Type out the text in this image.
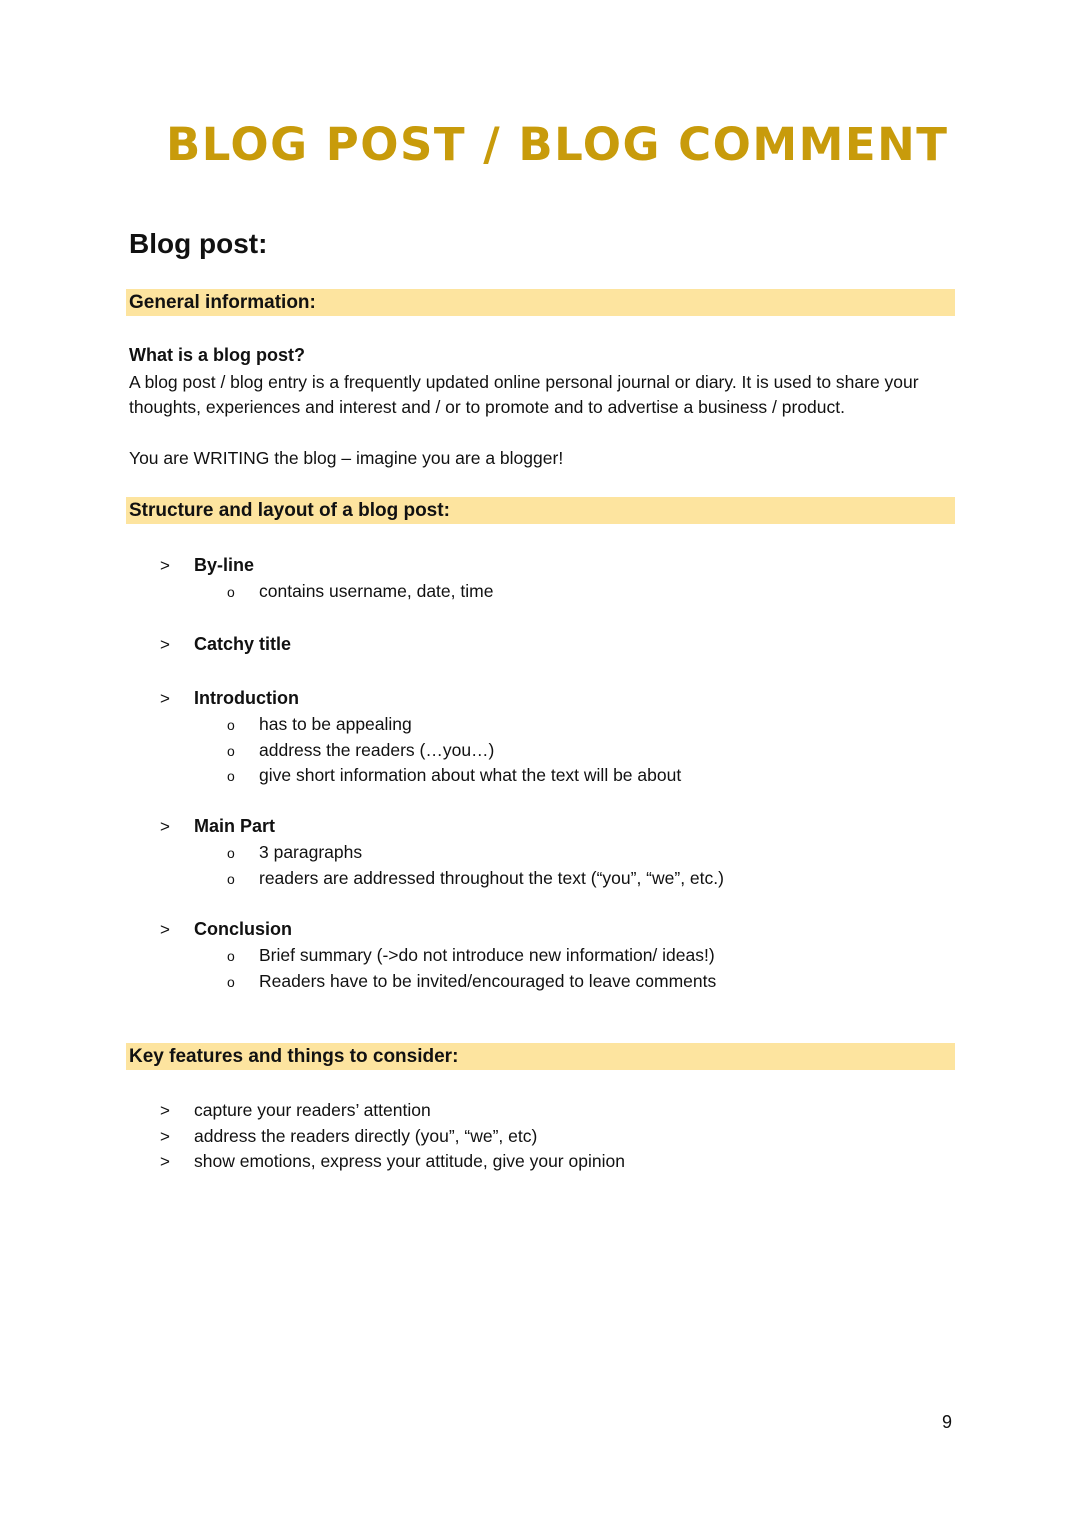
BLOG POST / BLOG COMMENT
Blog post:
General information:
What is a blog post?
A blog post / blog entry is a frequently updated online personal journal or diary. It is used to share your thoughts, experiences and interest and / or to promote and to advertise a business / product.
You are WRITING the blog – imagine you are a blogger!
Structure and layout of a blog post:
> By-line
o contains username, date, time
> Catchy title
> Introduction
o has to be appealing
o address the readers (…you…)
o give short information about what the text will be about
> Main Part
o 3 paragraphs
o readers are addressed throughout the text (“you”, “we”, etc.)
> Conclusion
o Brief summary (->do not introduce new information/ ideas!)
o Readers have to be invited/encouraged to leave comments
Key features and things to consider:
> capture your readers’ attention
> address the readers directly (you”, “we”, etc)
> show emotions, express your attitude, give your opinion
9
